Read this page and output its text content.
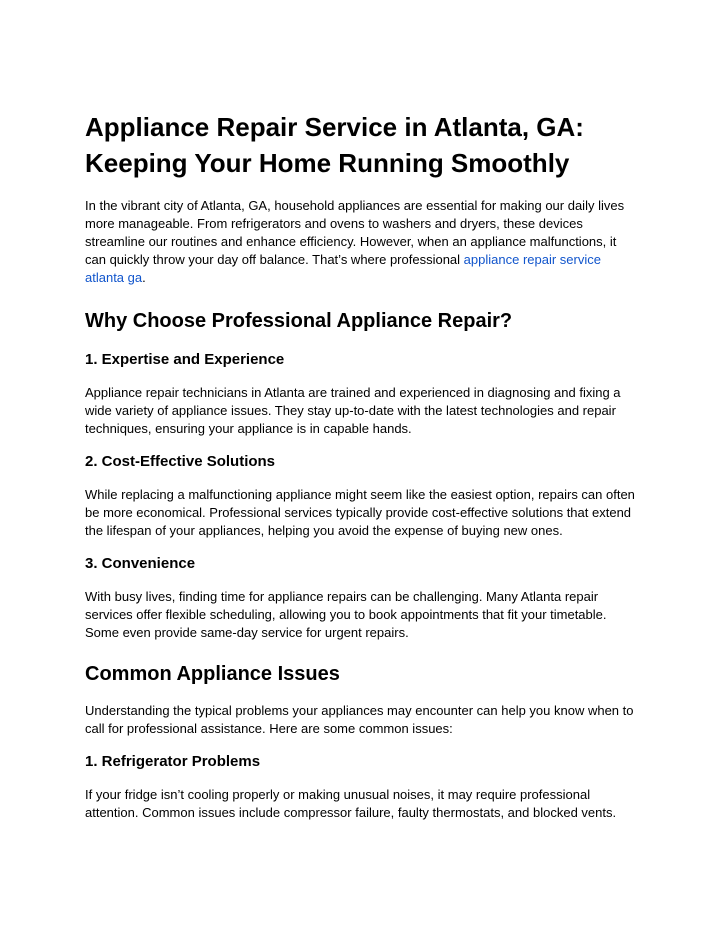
Appliance Repair Service in Atlanta, GA:
Keeping Your Home Running Smoothly

In the vibrant city of Atlanta, GA, household appliances are essential for making our daily lives
more manageable. From refrigerators and ovens to washers and dryers, these devices
streamline our routines and enhance efficiency. However, when an appliance malfunctions, it
can quickly throw your day off balance. That’s where professional appliance repair service
atlanta ga.

Why Choose Professional Appliance Repair?
1. Expertise and Experience

Appliance repair technicians in Atlanta are trained and experienced in diagnosing and fixing a
wide variety of appliance issues. They stay up-to-date with the latest technologies and repair
techniques, ensuring your appliance is in capable hands.

2. Cost-Effective Solutions

While replacing a malfunctioning appliance might seem like the easiest option, repairs can often
be more economical. Professional services typically provide cost-effective solutions that extend
the lifespan of your appliances, helping you avoid the expense of buying new ones.

3. Convenience

With busy lives, finding time for appliance repairs can be challenging. Many Atlanta repair
services offer flexible scheduling, allowing you to book appointments that fit your timetable.
Some even provide same-day service for urgent repairs.

Common Appliance Issues

Understanding the typical problems your appliances may encounter can help you know when to
call for professional assistance. Here are some common issues:

1. Refrigerator Problems

If your fridge isn’t cooling properly or making unusual noises, it may require professional
attention. Common issues include compressor failure, faulty thermostats, and blocked vents.
